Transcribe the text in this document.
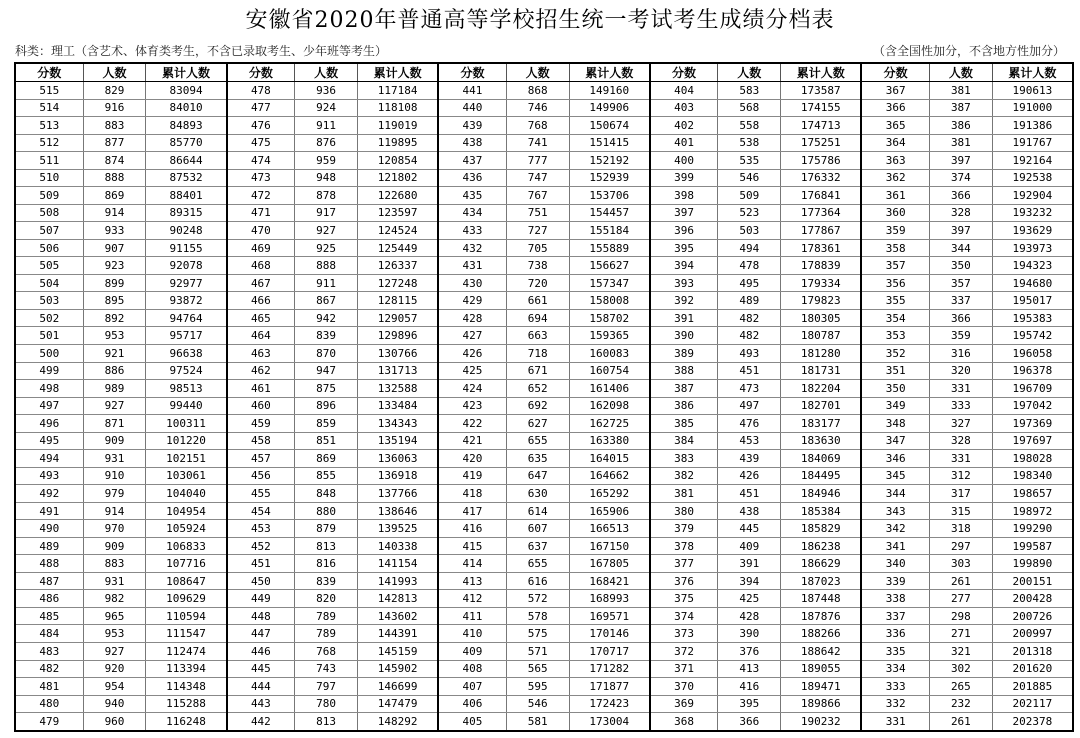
安徽省2020年普通高等学校招生统一考试考生成绩分档表
科类：理工（含艺术、体育类考生，不含已录取考生、少年班等考生）	（含全国性加分，不含地方性加分）
分数	人数	累计人数
515	829	83094
514	916	84010
513	883	84893
512	877	85770
511	874	86644
510	888	87532
509	869	88401
508	914	89315
507	933	90248
506	907	91155
505	923	92078
504	899	92977
503	895	93872
502	892	94764
501	953	95717
500	921	96638
499	886	97524
498	989	98513
497	927	99440
496	871	100311
495	909	101220
494	931	102151
493	910	103061
492	979	104040
491	914	104954
490	970	105924
489	909	106833
488	883	107716
487	931	108647
486	982	109629
485	965	110594
484	953	111547
483	927	112474
482	920	113394
481	954	114348
480	940	115288
479	960	116248
分数	人数	累计人数
478	936	117184
477	924	118108
476	911	119019
475	876	119895
474	959	120854
473	948	121802
472	878	122680
471	917	123597
470	927	124524
469	925	125449
468	888	126337
467	911	127248
466	867	128115
465	942	129057
464	839	129896
463	870	130766
462	947	131713
461	875	132588
460	896	133484
459	859	134343
458	851	135194
457	869	136063
456	855	136918
455	848	137766
454	880	138646
453	879	139525
452	813	140338
451	816	141154
450	839	141993
449	820	142813
448	789	143602
447	789	144391
446	768	145159
445	743	145902
444	797	146699
443	780	147479
442	813	148292
分数	人数	累计人数
441	868	149160
440	746	149906
439	768	150674
438	741	151415
437	777	152192
436	747	152939
435	767	153706
434	751	154457
433	727	155184
432	705	155889
431	738	156627
430	720	157347
429	661	158008
428	694	158702
427	663	159365
426	718	160083
425	671	160754
424	652	161406
423	692	162098
422	627	162725
421	655	163380
420	635	164015
419	647	164662
418	630	165292
417	614	165906
416	607	166513
415	637	167150
414	655	167805
413	616	168421
412	572	168993
411	578	169571
410	575	170146
409	571	170717
408	565	171282
407	595	171877
406	546	172423
405	581	173004
分数	人数	累计人数
404	583	173587
403	568	174155
402	558	174713
401	538	175251
400	535	175786
399	546	176332
398	509	176841
397	523	177364
396	503	177867
395	494	178361
394	478	178839
393	495	179334
392	489	179823
391	482	180305
390	482	180787
389	493	181280
388	451	181731
387	473	182204
386	497	182701
385	476	183177
384	453	183630
383	439	184069
382	426	184495
381	451	184946
380	438	185384
379	445	185829
378	409	186238
377	391	186629
376	394	187023
375	425	187448
374	428	187876
373	390	188266
372	376	188642
371	413	189055
370	416	189471
369	395	189866
368	366	190232
分数	人数	累计人数
367	381	190613
366	387	191000
365	386	191386
364	381	191767
363	397	192164
362	374	192538
361	366	192904
360	328	193232
359	397	193629
358	344	193973
357	350	194323
356	357	194680
355	337	195017
354	366	195383
353	359	195742
352	316	196058
351	320	196378
350	331	196709
349	333	197042
348	327	197369
347	328	197697
346	331	198028
345	312	198340
344	317	198657
343	315	198972
342	318	199290
341	297	199587
340	303	199890
339	261	200151
338	277	200428
337	298	200726
336	271	200997
335	321	201318
334	302	201620
333	265	201885
332	232	202117
331	261	202378
